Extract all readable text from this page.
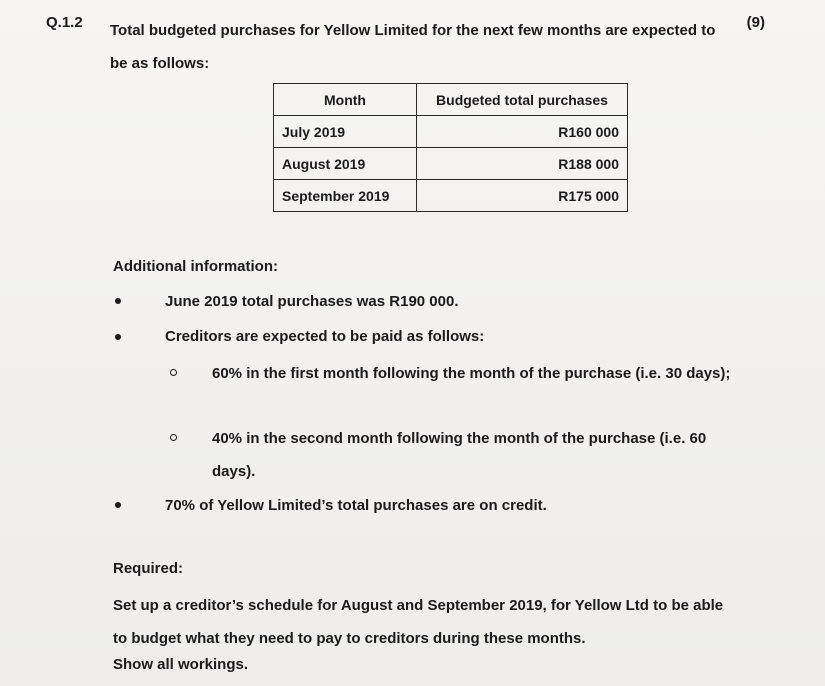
Q.1.2 Total budgeted purchases for Yellow Limited for the next few months are expected to be as follows:
(9)
Month	Budgeted total purchases
July 2019	R160 000
August 2019	R188 000
September 2019	R175 000
Additional information:
June 2019 total purchases was R190 000.
Creditors are expected to be paid as follows:
60% in the first month following the month of the purchase (i.e. 30 days);
40% in the second month following the month of the purchase (i.e. 60 days).
70% of Yellow Limited’s total purchases are on credit.
Required:
Set up a creditor’s schedule for August and September 2019, for Yellow Ltd to be able to budget what they need to pay to creditors during these months.
Show all workings.
